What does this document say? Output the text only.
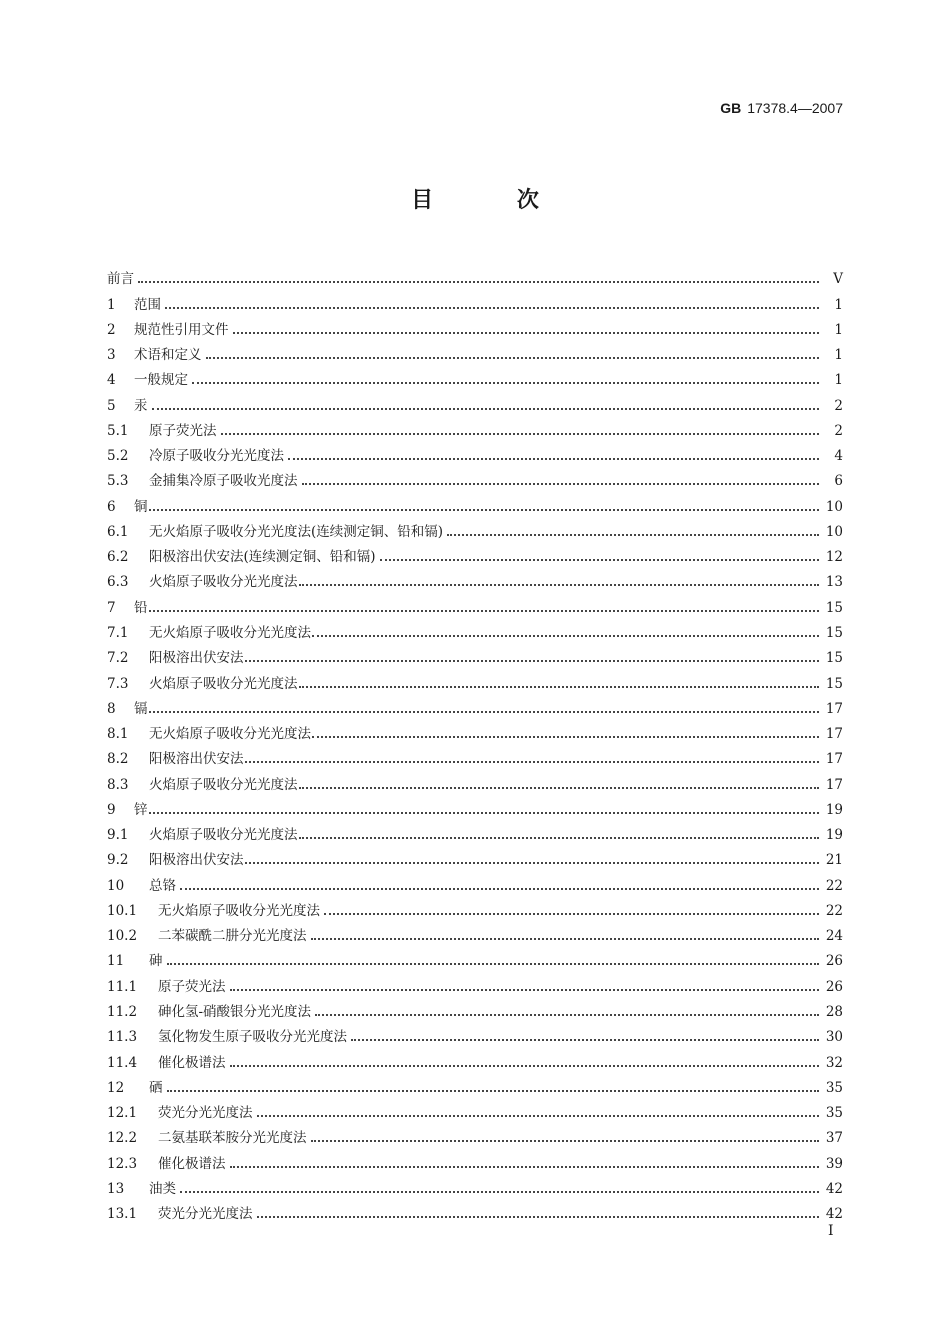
GB 17378.4—2007
目 次
前言	V
1	范围	1
2	规范性引用文件	1
3	术语和定义	1
4	一般规定	1
5	汞	2
5.1	原子荧光法	2
5.2	冷原子吸收分光光度法	4
5.3	金捕集冷原子吸收光度法	6
6	铜	10
6.1	无火焰原子吸收分光光度法(连续测定铜、铅和镉)	10
6.2	阳极溶出伏安法(连续测定铜、铅和镉)	12
6.3	火焰原子吸收分光光度法	13
7	铅	15
7.1	无火焰原子吸收分光光度法	15
7.2	阳极溶出伏安法	15
7.3	火焰原子吸收分光光度法	15
8	镉	17
8.1	无火焰原子吸收分光光度法	17
8.2	阳极溶出伏安法	17
8.3	火焰原子吸收分光光度法	17
9	锌	19
9.1	火焰原子吸收分光光度法	19
9.2	阳极溶出伏安法	21
10	总铬	22
10.1	无火焰原子吸收分光光度法	22
10.2	二苯碳酰二肼分光光度法	24
11	砷	26
11.1	原子荧光法	26
11.2	砷化氢-硝酸银分光光度法	28
11.3	氢化物发生原子吸收分光光度法	30
11.4	催化极谱法	32
12	硒	35
12.1	荧光分光光度法	35
12.2	二氨基联苯胺分光光度法	37
12.3	催化极谱法	39
13	油类	42
13.1	荧光分光光度法	42
I
